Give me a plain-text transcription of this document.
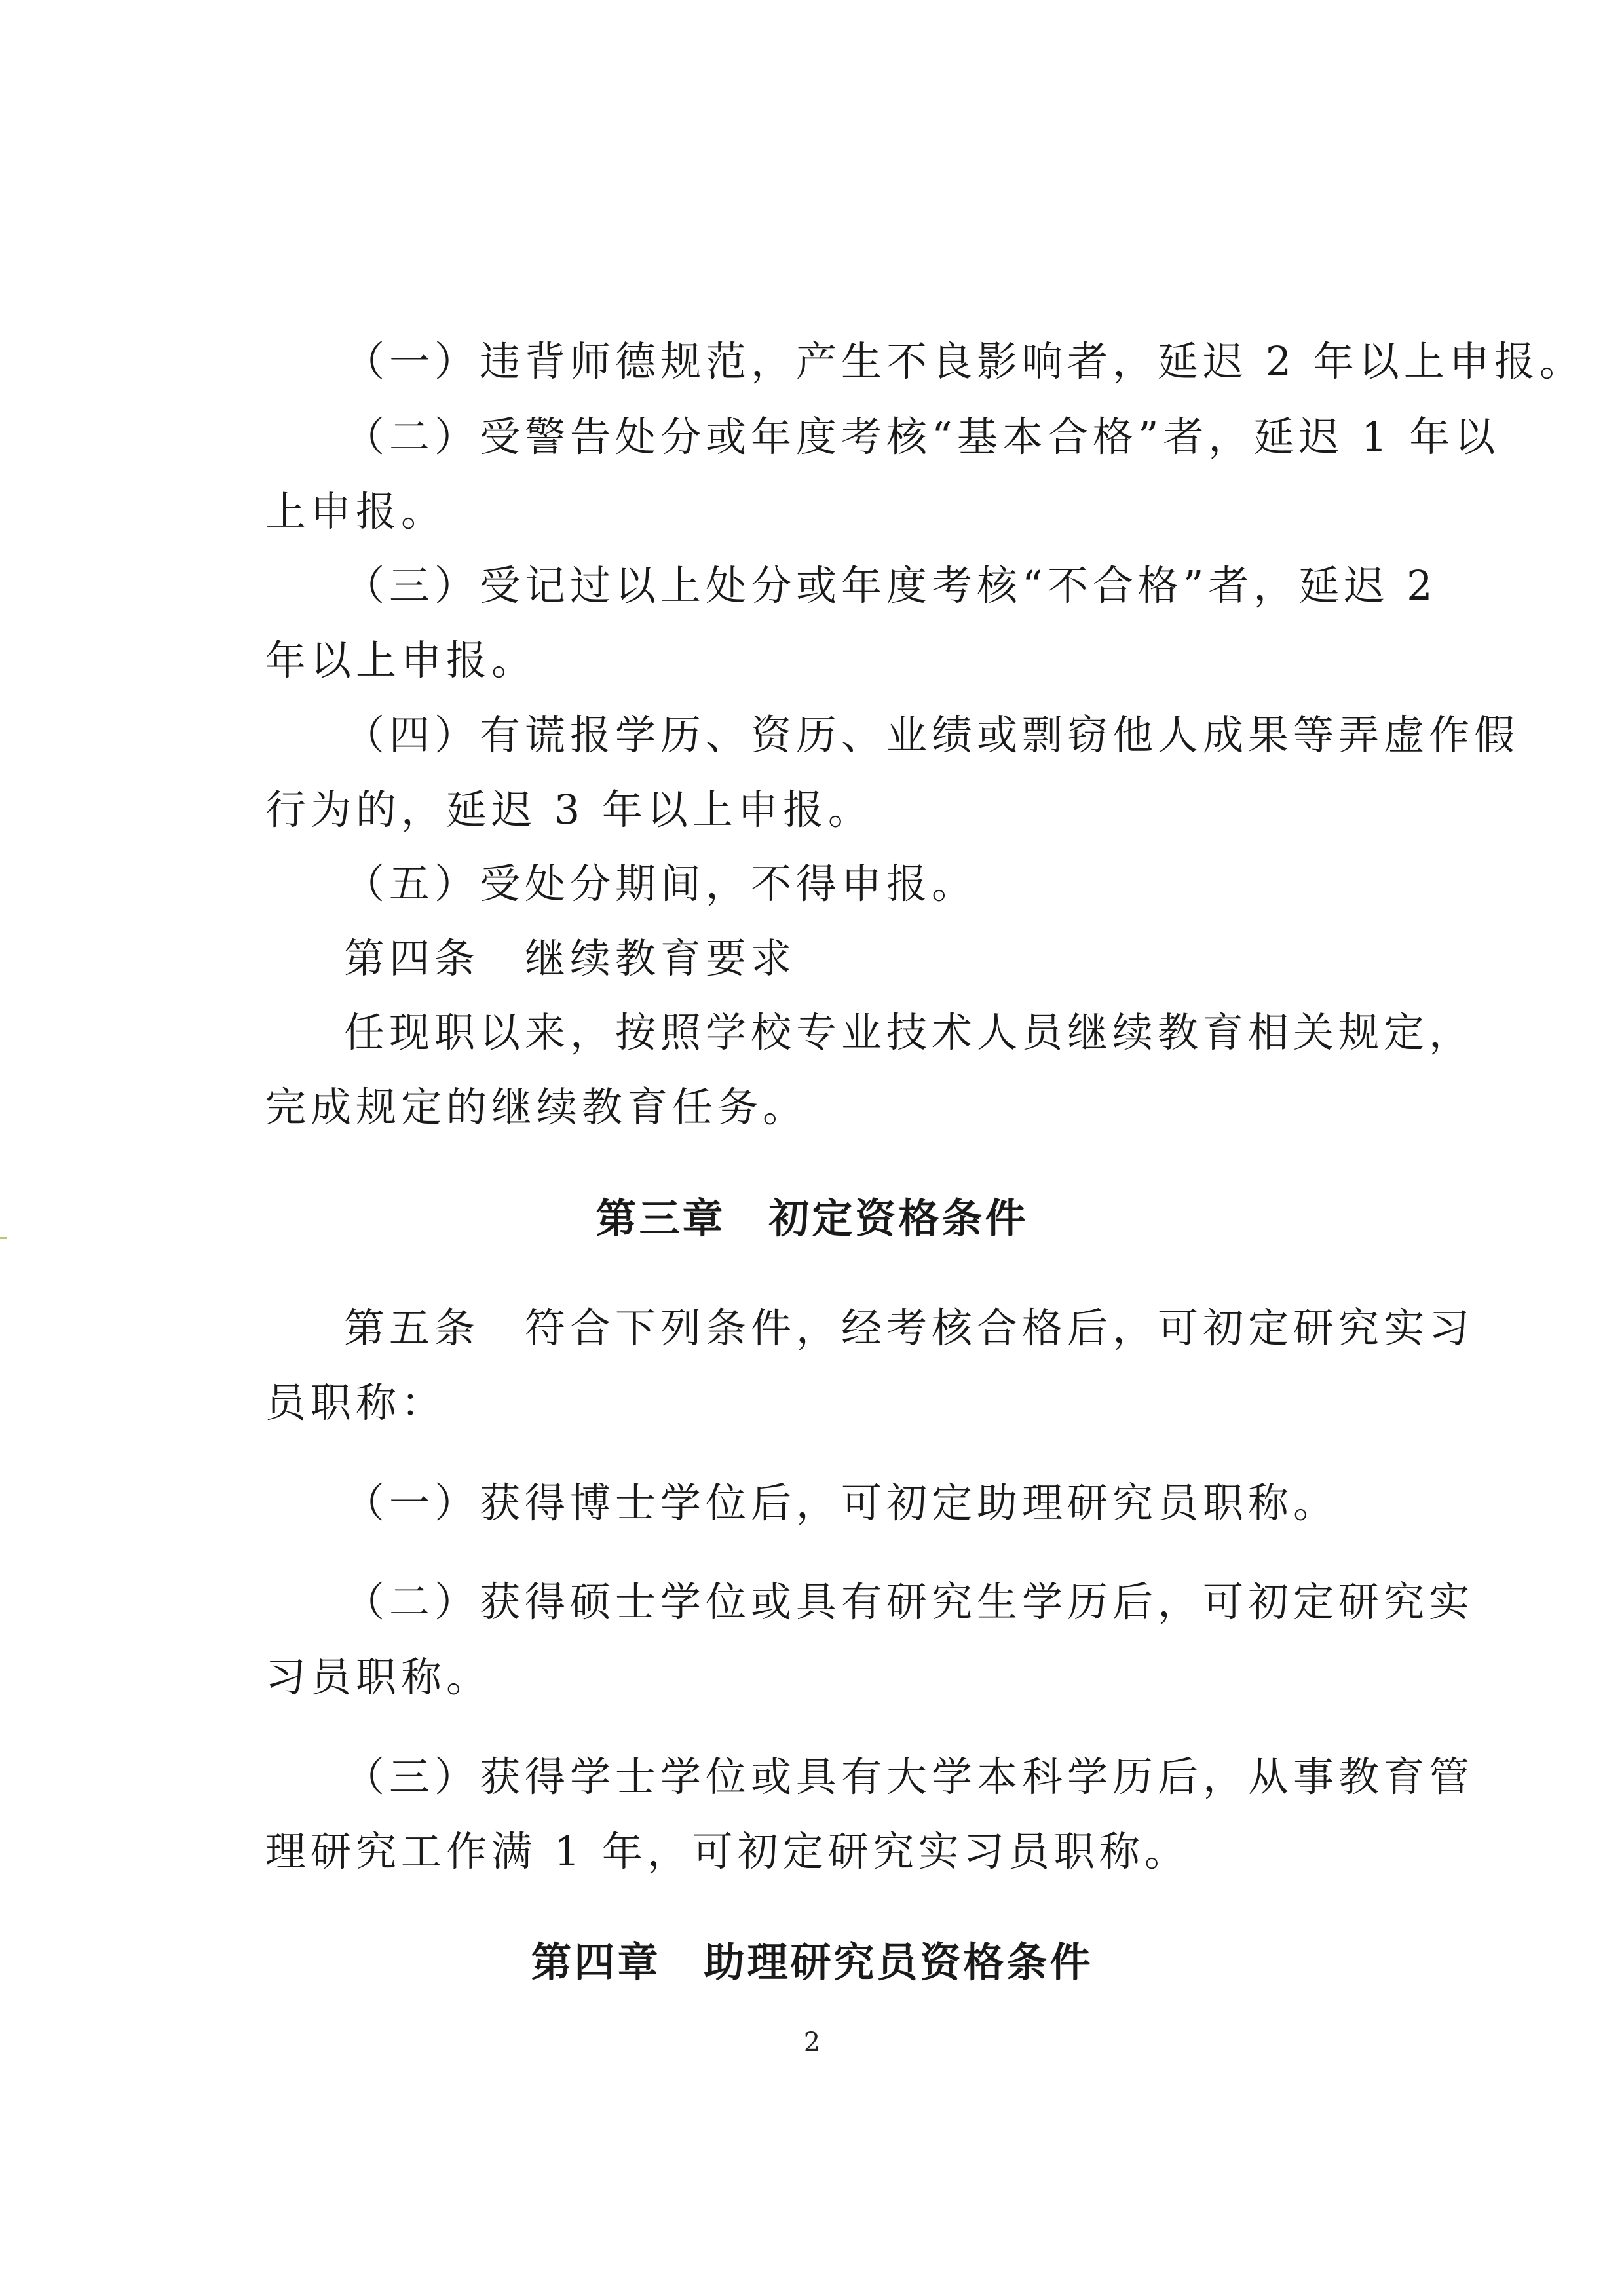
（一）违背师德规范，产生不良影响者，延迟 2 年以上申报。
（二）受警告处分或年度考核“基本合格”者，延迟 1 年以
上申报。
（三）受记过以上处分或年度考核“不合格”者，延迟 2
年以上申报。
（四）有谎报学历、资历、业绩或剽窃他人成果等弄虚作假
行为的，延迟 3 年以上申报。
（五）受处分期间，不得申报。
第四条　继续教育要求
任现职以来，按照学校专业技术人员继续教育相关规定，
完成规定的继续教育任务。
第三章　初定资格条件
第五条　符合下列条件，经考核合格后，可初定研究实习
员职称：
（一）获得博士学位后，可初定助理研究员职称。
（二）获得硕士学位或具有研究生学历后，可初定研究实
习员职称。
（三）获得学士学位或具有大学本科学历后，从事教育管
理研究工作满 1 年，可初定研究实习员职称。
第四章　助理研究员资格条件
2
